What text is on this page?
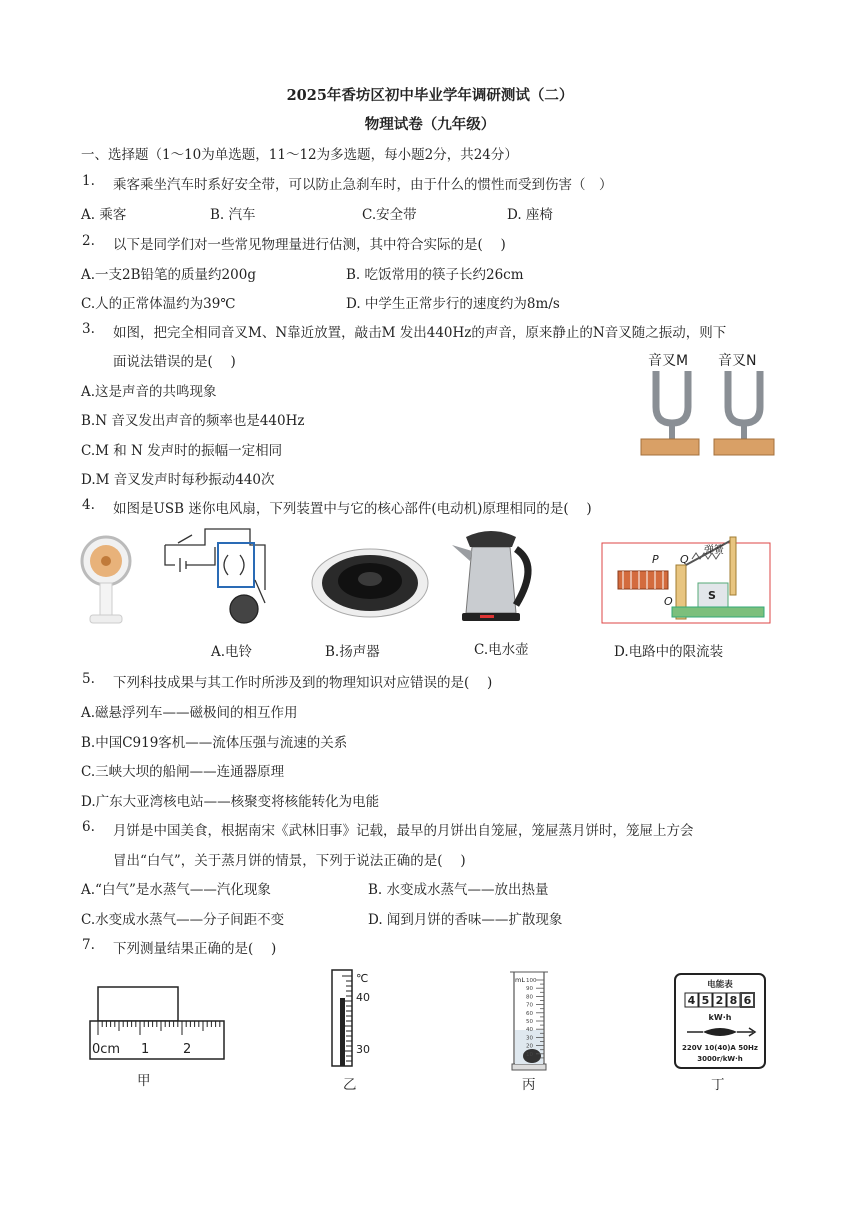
2025年香坊区初中毕业学年调研测试（二）
物理试卷（九年级）
一、选择题（1～10为单选题，11～12为多选题，每小题2分，共24分）
1. 乘客乘坐汽车时系好安全带，可以防止急刹车时，由于什么的惯性而受到伤害（　）
A. 乘客	B. 汽车	C.安全带	D. 座椅
2. 以下是同学们对一些常见物理量进行估测，其中符合实际的是(　 )
A.一支2B铅笔的质量约200g	B. 吃饭常用的筷子长约26cm
C.人的正常体温约为39℃	D. 中学生正常步行的速度约为8m/s
3. 如图，把完全相同音叉M、N靠近放置，敲击M 发出440Hz的声音，原来静止的N音叉随之振动，则下
面说法错误的是(　 )
A.这是声音的共鸣现象
B.N 音叉发出声音的频率也是440Hz
C.M 和 N 发声时的振幅一定相同
D.M 音叉发声时每秒振动440次
音叉M 音叉N
4. 如图是USB 迷你电风扇，下列装置中与它的核心部件(电动机)原理相同的是(　 )
P Q
O	S
弹簧
A.电铃	B.扬声器	C.电水壶	D.电路中的限流装
5. 下列科技成果与其工作时所涉及到的物理知识对应错误的是(　 )
A.磁悬浮列车——磁极间的相互作用
B.中国C919客机——流体压强与流速的关系
C.三峡大坝的船闸——连通器原理
D.广东大亚湾核电站——核聚变将核能转化为电能
6. 月饼是中国美食，根据南宋《武林旧事》记载，最早的月饼出自笼屉，笼屉蒸月饼时，笼屉上方会
冒出“白气”，关于蒸月饼的情景，下列于说法正确的是(　 )
A.“白气”是水蒸气——汽化现象	B. 水变成水蒸气——放出热量
C.水变成水蒸气——分子间距不变	D. 闻到月饼的香味——扩散现象
7. 下列测量结果正确的是(　 )
0cm 1	2
甲
℃
40
30
乙
mL 100
90
80
70
60
50
40
30
20
10
丙
电能表
4 5 2 8 6
kW·h
220V 10(40)A 50Hz
3000r/kW·h
丁
